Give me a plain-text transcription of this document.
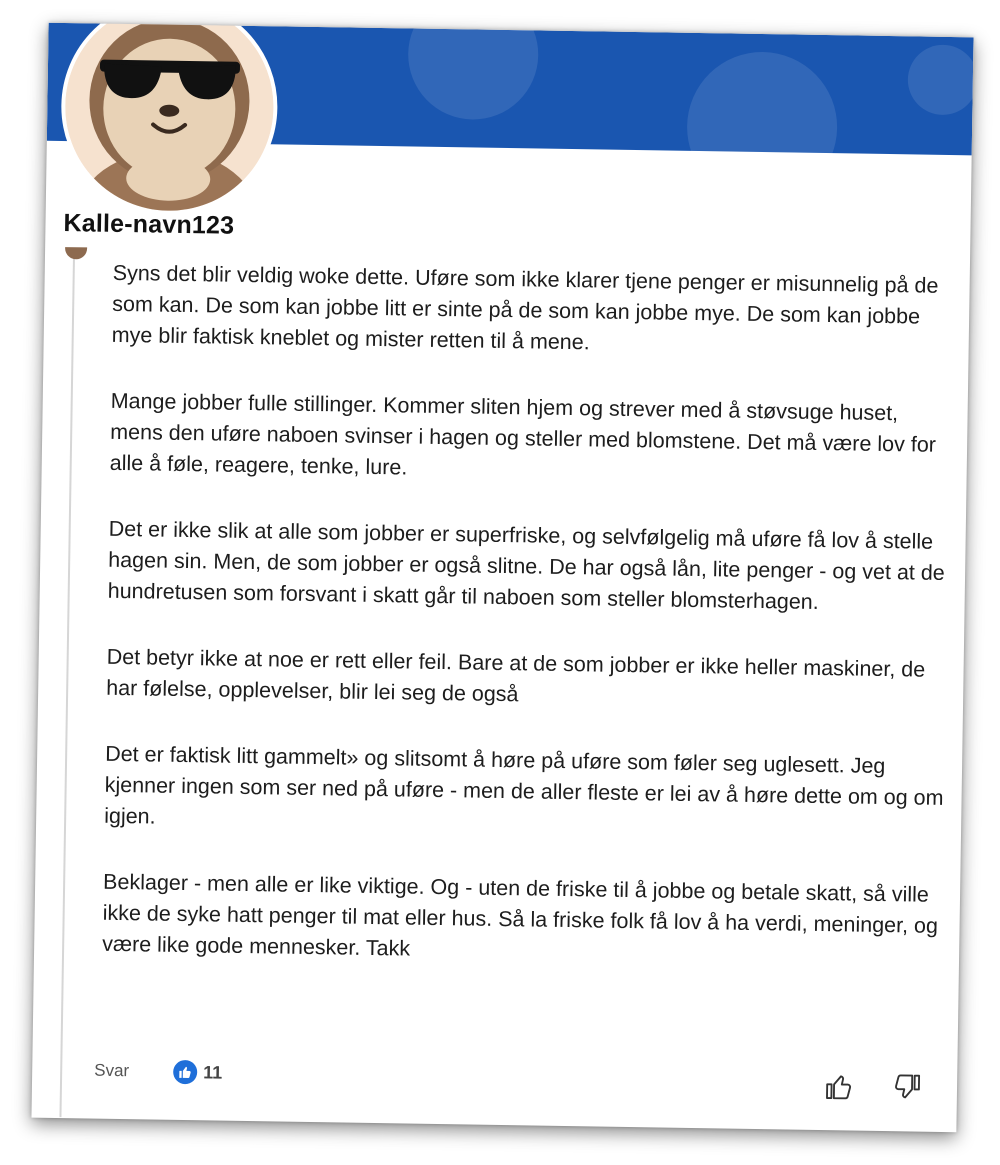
Kalle-navn123

Syns det blir veldig woke dette. Uføre som ikke klarer tjene penger er misunnelig på de som kan. De som kan jobbe litt er sinte på de som kan jobbe mye. De som kan jobbe mye blir faktisk kneblet og mister retten til å mene.

Mange jobber fulle stillinger. Kommer sliten hjem og strever med å støvsuge huset, mens den uføre naboen svinser i hagen og steller med blomstene. Det må være lov for alle å føle, reagere, tenke, lure.

Det er ikke slik at alle som jobber er superfriske, og selvfølgelig må uføre få lov å stelle hagen sin. Men, de som jobber er også slitne. De har også lån, lite penger - og vet at de hundretusen som forsvant i skatt går til naboen som steller blomsterhagen.

Det betyr ikke at noe er rett eller feil. Bare at de som jobber er ikke heller maskiner, de har følelse, opplevelser, blir lei seg de også

Det er faktisk litt gammelt» og slitsomt å høre på uføre som føler seg uglesett. Jeg kjenner ingen som ser ned på uføre - men de aller fleste er lei av å høre dette om og om igjen.

Beklager - men alle er like viktige. Og - uten de friske til å jobbe og betale skatt, så ville ikke de syke hatt penger til mat eller hus. Så la friske folk få lov å ha verdi, meninger, og være like gode mennesker. Takk

Svar	11
